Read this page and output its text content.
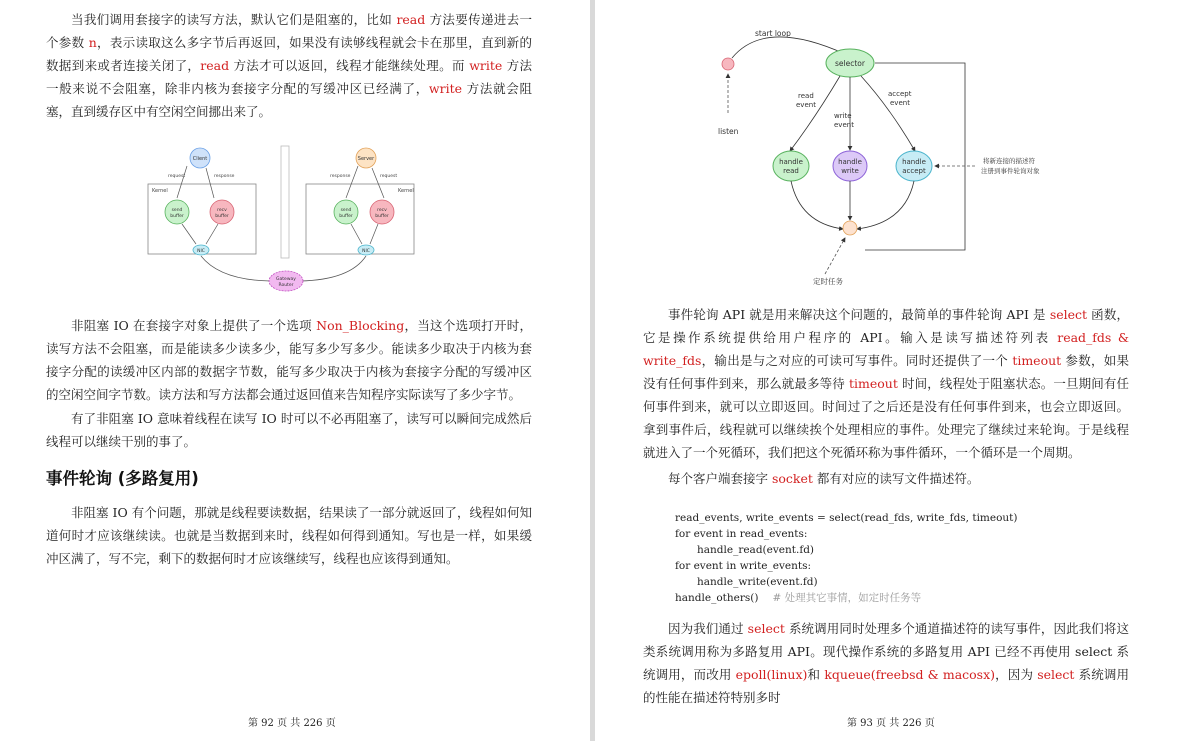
当我们调用套接字的读写方法，默认它们是阻塞的，比如 read 方法要传递进去一个参数 n，表示读取这么多字节后再返回，如果没有读够线程就会卡在那里，直到新的数据到来或者连接关闭了，read 方法才可以返回，线程才能继续处理。而 write 方法一般来说不会阻塞，除非内核为套接字分配的写缓冲区已经满了，write 方法就会阻塞，直到缓存区中有空闲空间挪出来了。
Kernel	Kernel
request	response
Client
send
buffer
recv
buffer
NIC
response	request
Server
send
buffer
recv
buffer
NIC
Gateway
Router
非阻塞 IO 在套接字对象上提供了一个选项 Non_Blocking，当这个选项打开时，读写方法不会阻塞，而是能读多少读多少，能写多少写多少。能读多少取决于内核为套接字分配的读缓冲区内部的数据字节数，能写多少取决于内核为套接字分配的写缓冲区的空闲空间字节数。读方法和写方法都会通过返回值来告知程序实际读写了多少字节。
有了非阻塞 IO 意味着线程在读写 IO 时可以不必再阻塞了，读写可以瞬间完成然后线程可以继续干别的事了。
事件轮询 (多路复用)
非阻塞 IO 有个问题，那就是线程要读数据，结果读了一部分就返回了，线程如何知道何时才应该继续读。也就是当数据到来时，线程如何得到通知。写也是一样，如果缓冲区满了，写不完，剩下的数据何时才应该继续写，线程也应该得到通知。
第 92 页 共 226 页
start loop
listen
selector
read
event
write
event
accept
event
handle
read
handle
write
handle
accept
将新连接的描述符
注册到事件轮询对象
定时任务
事件轮询 API 就是用来解决这个问题的，最简单的事件轮询 API 是 select 函数，它是操作系统提供给用户程序的 API。输入是读写描述符列表 read_fds & write_fds，输出是与之对应的可读可写事件。同时还提供了一个 timeout 参数，如果没有任何事件到来，那么就最多等待 timeout 时间，线程处于阻塞状态。一旦期间有任何事件到来，就可以立即返回。时间过了之后还是没有任何事件到来，也会立即返回。拿到事件后，线程就可以继续挨个处理相应的事件。处理完了继续过来轮询。于是线程就进入了一个死循环，我们把这个死循环称为事件循环，一个循环是一个周期。
每个客户端套接字 socket 都有对应的读写文件描述符。
read_events, write_events = select(read_fds, write_fds, timeout)
for event in read_events:
handle_read(event.fd)
for event in write_events:
handle_write(event.fd)
handle_others() # 处理其它事情，如定时任务等
因为我们通过 select 系统调用同时处理多个通道描述符的读写事件，因此我们将这类系统调用称为多路复用 API。现代操作系统的多路复用 API 已经不再使用 select 系统调用，而改用 epoll(linux)和 kqueue(freebsd & macosx)，因为 select 系统调用的性能在描述符特别多时
第 93 页 共 226 页
